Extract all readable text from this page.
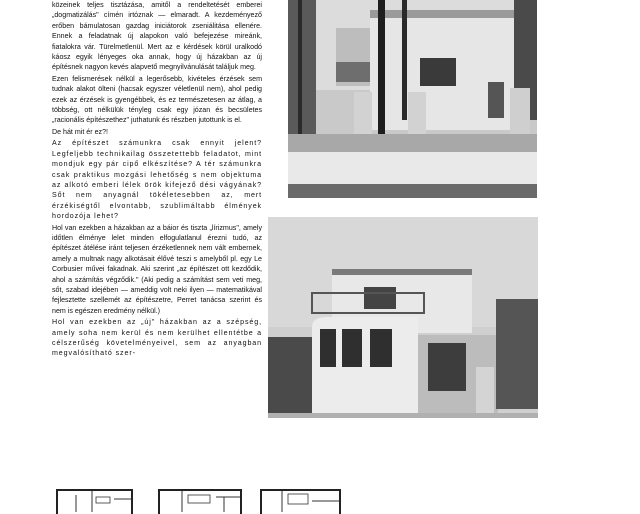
közeinek teljes tisztázása, amitől a rendeltetését emberei „dogmatizálás" címén irtóznak — elmaradt. A kezdeményező erőben bámulatosan gazdag iniciátorok zseniálitása ellenére. Ennek a feladatnak új alapokon való befejezése mireánk, fiatalokra vár. Türelmetlenül. Mert az e kérdések körül uralkodó káosz egyik lényeges oka annak, hogy új házakban az új építésnek nagyon kevés alapvető megnyilvánulását találjuk meg.

Ezen felismerések nélkül a legerősebb, kivételes érzések sem tudnak alakot ölteni (hacsak egyszer véletlenül nem), ahol pedig ezek az érzések is gyengébbek, és ez természetesen az átlag, a többség, ott nélkülük tényleg csak egy józan és becsületes „racionális építészethez" juthatunk és részben jutottunk is el.

De hát mit ér ez?!

Az építészet számunkra csak ennyit jelent? Legfeljebb technikailag összetettebb feladatot, mint mondjuk egy pár cipő elkészítése? A tér számunkra csak praktikus mozgási lehetőség s nem objektuma az alkotó emberi lélek örök kifejező dési vágyának? Sőt nem anyagnál tökéletesebben az, mert érzékiségtől elvontabb, szublimáltabb élmények hordozója lehet?

Hol van ezekben a házakban az a báior és tiszta „lírizmus", amely időtlen élménye lelet minden elfogulatlanul érezni tudó, az építészet átélése iránt teljesen érzéketlennek nem vált embernek, amely a multnak nagy alkotásait élővé teszi s amelyből pl. egy Le Corbusier művei fakadnak. Aki szerint „az építészet ott kezdődik, ahol a számítás végződik." (Aki pedig a számítást sem veti meg, sőt, szabad idejében — ameddig volt neki ilyen — matematikával fejlesztette szellemét az építészetre, Perret tanácsa szerint és nem is egészen eredmény nélkül.)

Hol van ezekben az „új" házakban az a szépség, amely soha nem kerül és nem kerülhet ellentétbe a célszerűség követelményeivel, sem az anyagban megvalósítható szer-
